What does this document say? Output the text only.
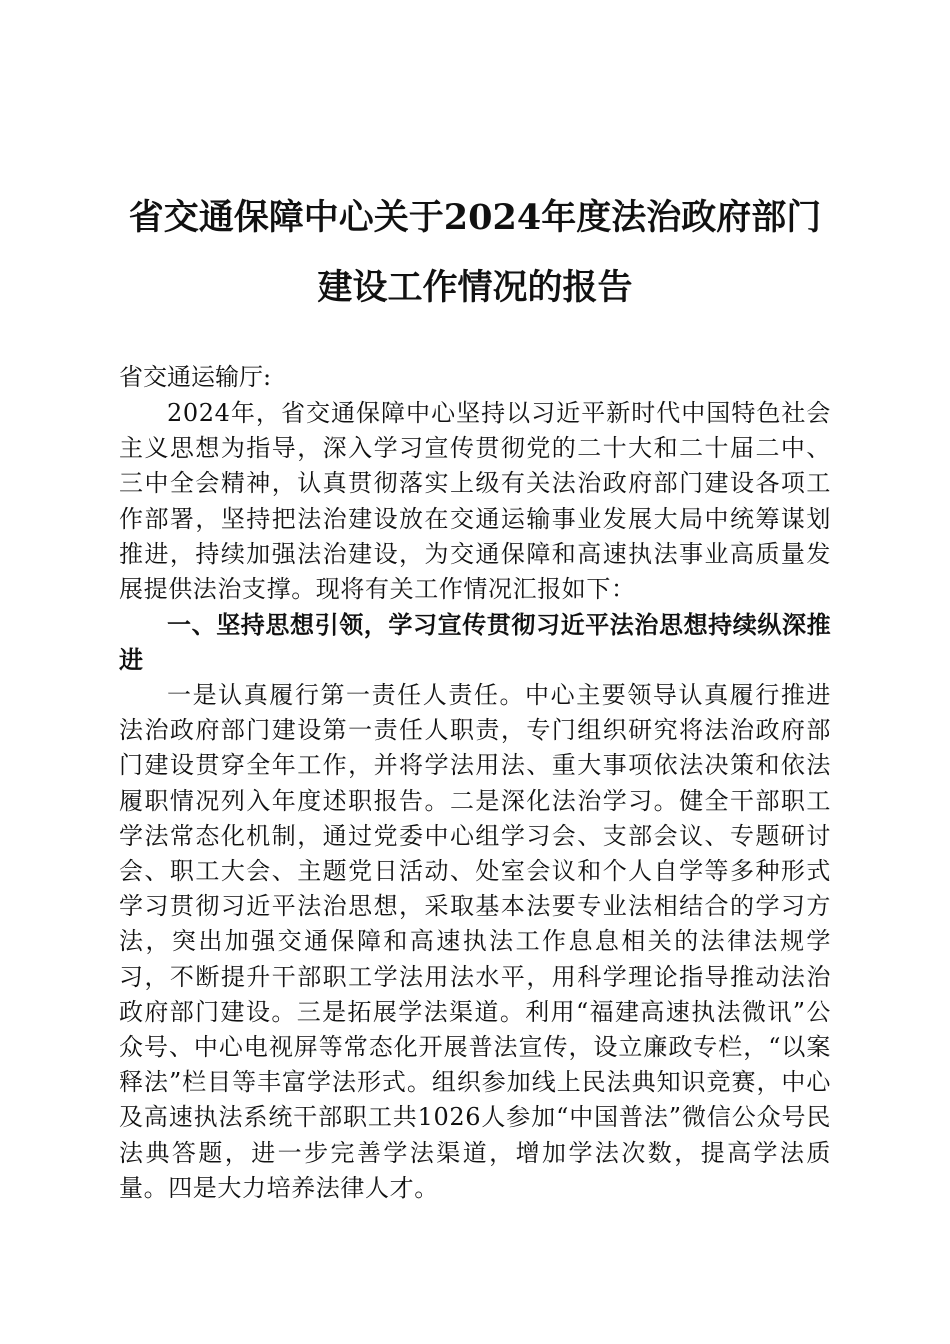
省交通保障中心关于2024年度法治政府部门
建设工作情况的报告
省交通运输厅:
2024年，省交通保障中心坚持以习近平新时代中国特色社会主义思想为指导，深入学习宣传贯彻党的二十大和二十届二中、三中全会精神，认真贯彻落实上级有关法治政府部门建设各项工作部署，坚持把法治建设放在交通运输事业发展大局中统筹谋划推进，持续加强法治建设，为交通保障和高速执法事业高质量发展提供法治支撑。现将有关工作情况汇报如下：
一、坚持思想引领，学习宣传贯彻习近平法治思想持续纵深推进
一是认真履行第一责任人责任。中心主要领导认真履行推进法治政府部门建设第一责任人职责，专门组织研究将法治政府部门建设贯穿全年工作，并将学法用法、重大事项依法决策和依法履职情况列入年度述职报告。二是深化法治学习。健全干部职工学法常态化机制，通过党委中心组学习会、支部会议、专题研讨会、职工大会、主题党日活动、处室会议和个人自学等多种形式学习贯彻习近平法治思想，采取基本法要专业法相结合的学习方法，突出加强交通保障和高速执法工作息息相关的法律法规学习，不断提升干部职工学法用法水平，用科学理论指导推动法治政府部门建设。三是拓展学法渠道。利用“福建高速执法微讯”公众号、中心电视屏等常态化开展普法宣传，设立廉政专栏，“以案释法”栏目等丰富学法形式。组织参加线上民法典知识竞赛，中心及高速执法系统干部职工共1026人参加“中国普法”微信公众号民法典答题，进一步完善学法渠道，增加学法次数，提高学法质量。四是大力培养法律人才。
